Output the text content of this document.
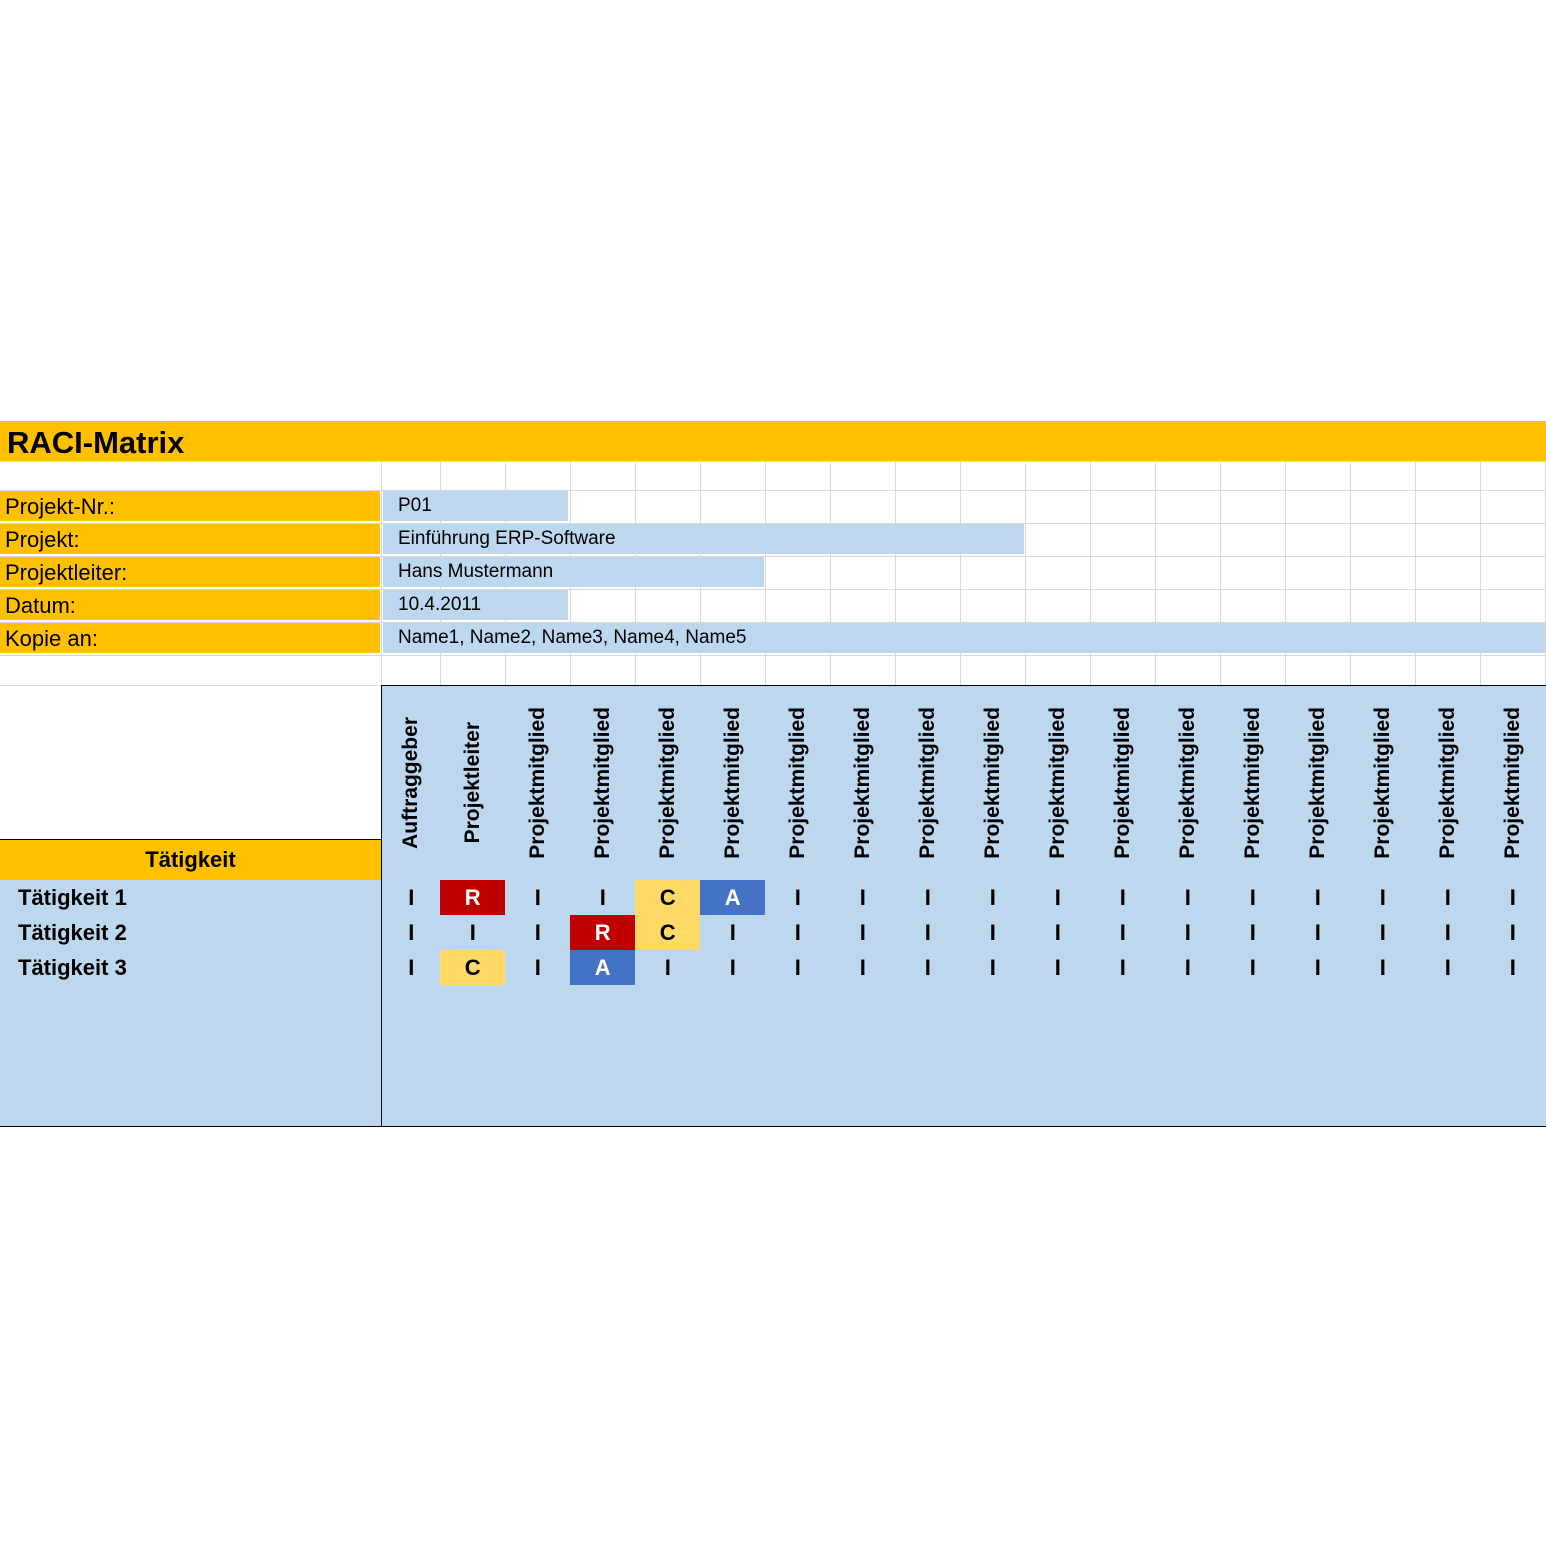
RACI-Matrix
Projekt-Nr.:	P01
Projekt:	Einführung ERP-Software
Projektleiter:	Hans Mustermann
Datum:	10.4.2011
Kopie an:	Name1, Name2, Name3, Name4, Name5
Tätigkeit
Auftraggeber Projektleiter Projektmitglied Projektmitglied Projektmitglied Projektmitglied Projektmitglied Projektmitglied Projektmitglied Projektmitglied Projektmitglied Projektmitglied Projektmitglied Projektmitglied Projektmitglied Projektmitglied Projektmitglied Projektmitglied
Tätigkeit 1	I	R	I	I	C	A	I	I	I	I	I	I	I	I	I	I	I	I
Tätigkeit 2	I	I	I	R	C	I	I	I	I	I	I	I	I	I	I	I	I	I
Tätigkeit 3	I	C	I	A	I	I	I	I	I	I	I	I	I	I	I	I	I	I
